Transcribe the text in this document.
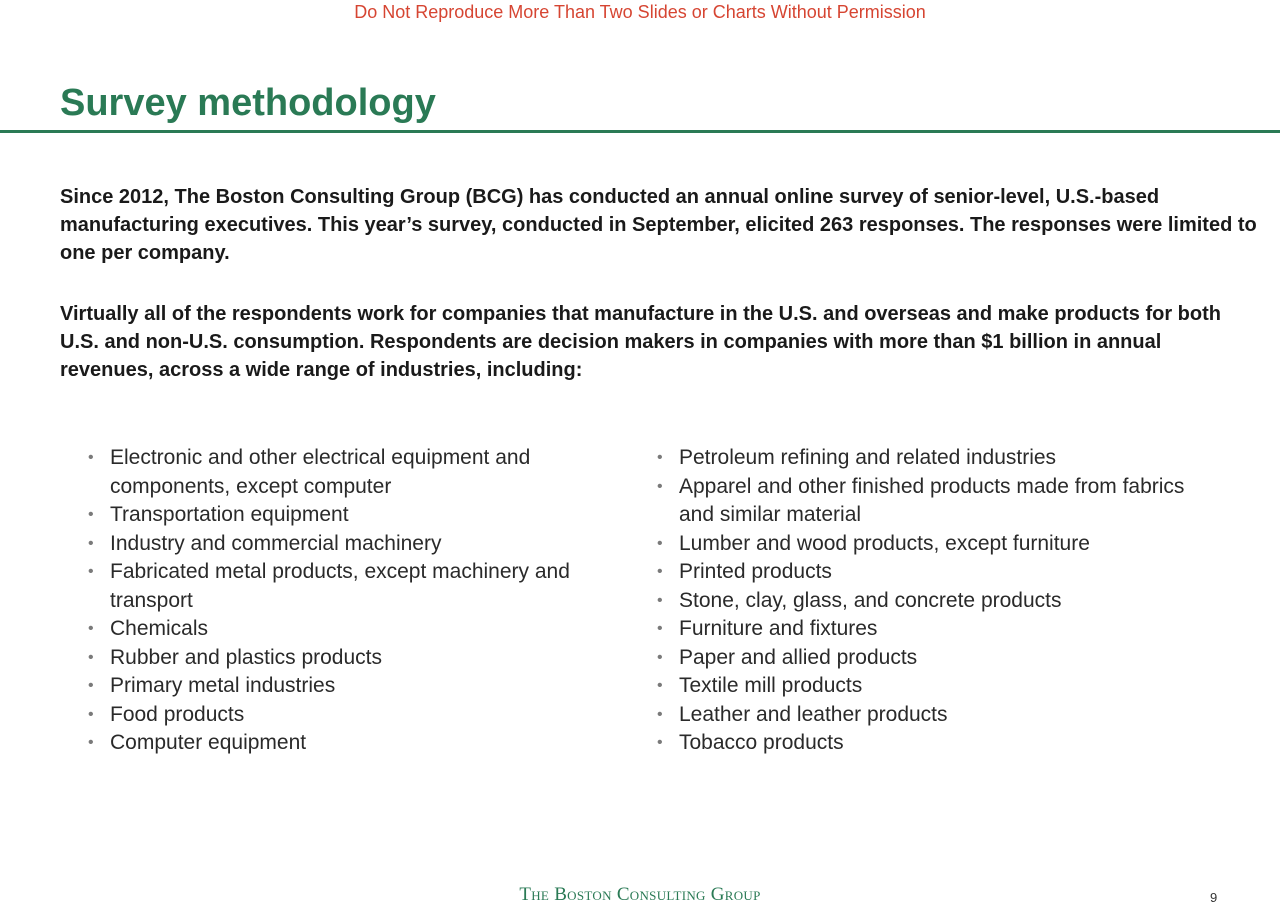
Do Not Reproduce More Than Two Slides or Charts Without Permission
Survey methodology

Since 2012, The Boston Consulting Group (BCG) has conducted an annual online survey of senior-level, U.S.-based manufacturing executives. This year’s survey, conducted in September, elicited 263 responses. The responses were limited to one per company.

Virtually all of the respondents work for companies that manufacture in the U.S. and overseas and make products for both U.S. and non-U.S. consumption. Respondents are decision makers in companies with more than $1 billion in annual revenues, across a wide range of industries, including:

• Electronic and other electrical equipment and components, except computer
• Transportation equipment
• Industry and commercial machinery
• Fabricated metal products, except machinery and transport
• Chemicals
• Rubber and plastics products
• Primary metal industries
• Food products
• Computer equipment
• Petroleum refining and related industries
• Apparel and other finished products made from fabrics and similar material
• Lumber and wood products, except furniture
• Printed products
• Stone, clay, glass, and concrete products
• Furniture and fixtures
• Paper and allied products
• Textile mill products
• Leather and leather products
• Tobacco products
The Boston Consulting Group	9
